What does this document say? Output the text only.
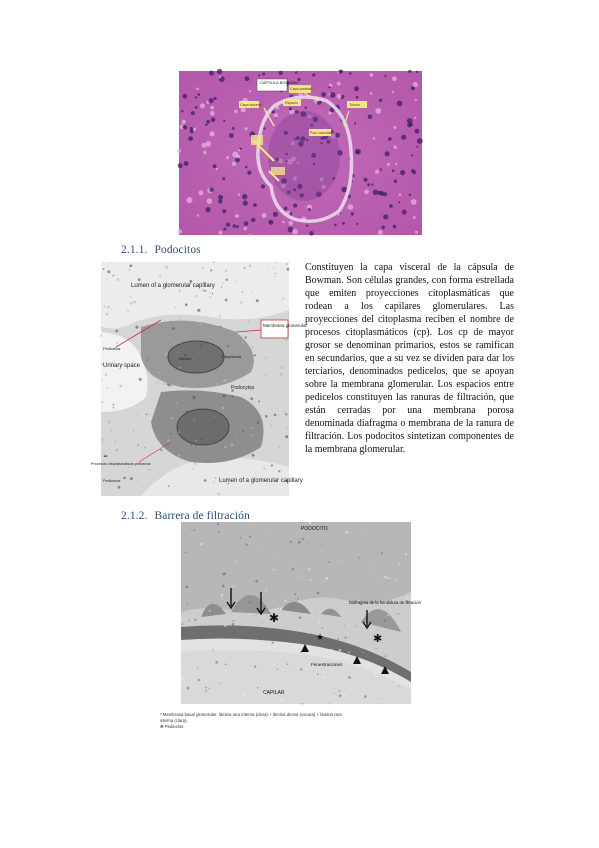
CÁPSULA BOWMAN
Capa parietal
Capa visceral	Espacio	Túbulo
Polo vascular
2.1.1. Podocitos
Membrana glomerular
Lumen of a glomerular capillary
Urinary space
Podocytes
Pedicelos
Procesos citoplasmáticos primarios
Pedicelos	Lumen of a glomerular capillary
Núcleo	Citoplasma
1a
Constituyen la capa visceral de la cápsula de Bowman. Son células grandes, con forma estrellada que emiten proyecciones citoplasmáticas que rodean a los capilares glomerulares. Las proyecciones del citoplasma reciben el nombre de procesos citoplasmáticos (cp). Los cp de mayor grosor se denominan primarios, estos se ramifican en secundarios, que a su vez se dividen para dar los terciarios, denominados pedicelos, que se apoyan sobre la membrana glomerular. Los espacios entre pedicelos constituyen las ranuras de filtración, que están cerradas por una membrana porosa denominada diafragma o membrana de la ranura de filtración. Los podocitos sintetizan componentes de la membrana glomerular.
2.1.2. Barrera de filtración
✱
★	✱
PODOCITO
Diafragma de la hendidura de filtración
Fenestraciones
CAPILAR
* Membrana basal glomerular: lámina rara interna (clara) + lámina densa (oscura) + lámina rara
interna (clara).
❋ Pedicelos
